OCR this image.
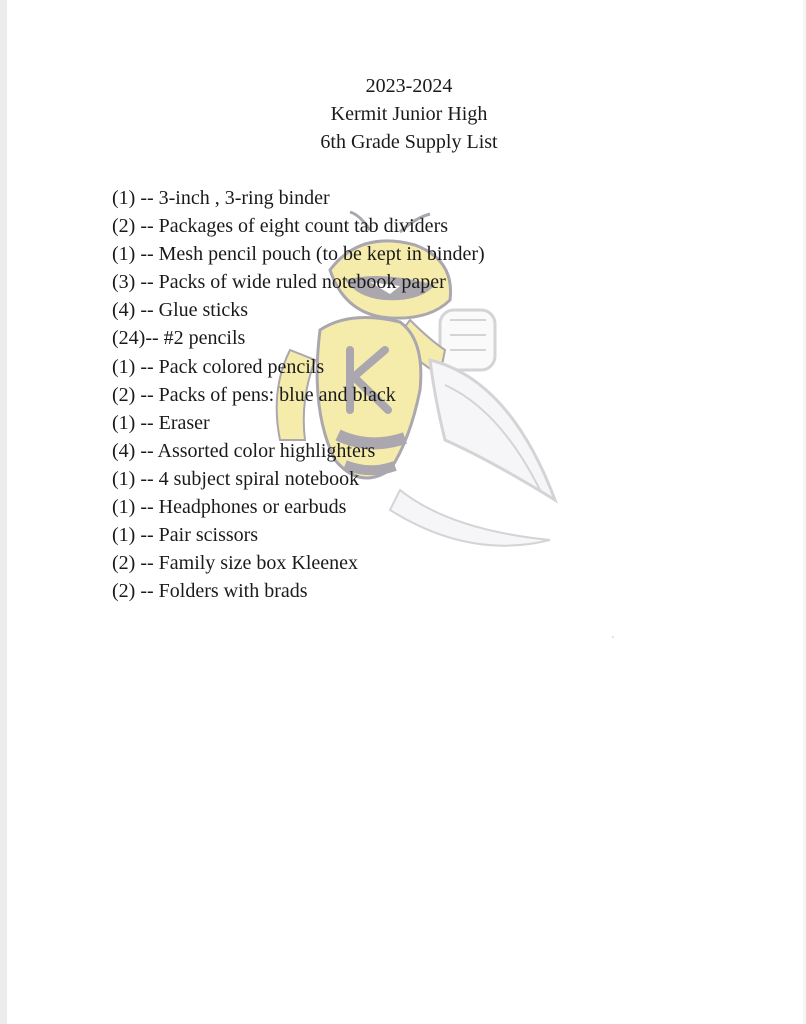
2023-2024
Kermit Junior High
6th Grade Supply List
(1) -- 3-inch , 3-ring binder
(2) -- Packages of eight count tab dividers
(1) -- Mesh pencil pouch (to be kept in binder)
(3) -- Packs of wide ruled notebook paper
(4) -- Glue sticks
(24)-- #2 pencils
(1) -- Pack colored pencils
(2) -- Packs of pens: blue and black
(1) -- Eraser
(4) -- Assorted color highlighters
(1) -- 4 subject spiral notebook
(1) -- Headphones or earbuds
(1) -- Pair scissors
(2) -- Family size box Kleenex
(2) -- Folders with brads
